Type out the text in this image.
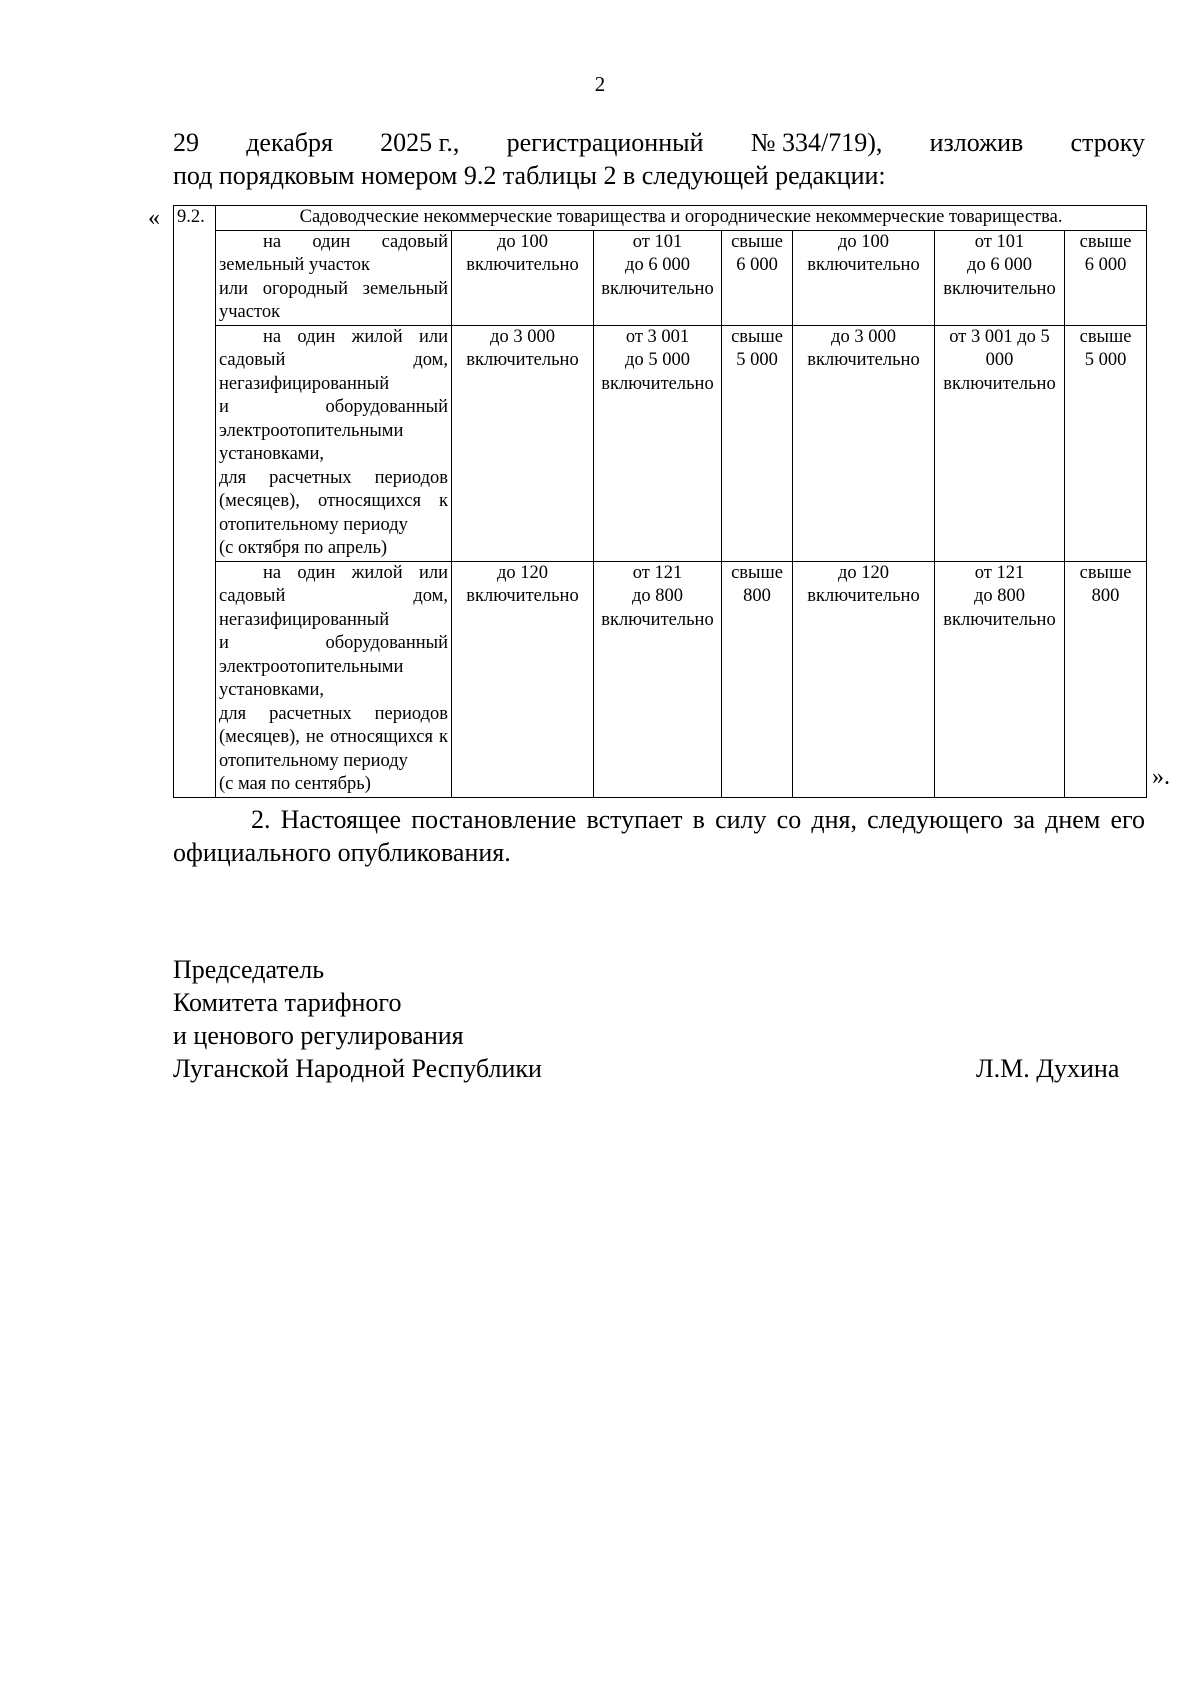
2
29 декабря 2025 г., регистрационный № 334/719), изложив строку
под порядковым номером 9.2 таблицы 2 в следующей редакции:
« 9.2.	Садоводческие некоммерческие товарищества и огороднические некоммерческие товарищества.						

	на один садовый земельный участок
или огородный земельный участок	до 100
включительно	от 101
до 6 000
включительно	свыше
6 000	до 100
включительно	от 101
до 6 000
включительно	свыше
6 000

	на один жилой или садовый дом, негазифицированный
и оборудованный электроотопительными установками,
для расчетных периодов (месяцев), относящихся к отопительному периоду
(с октября по апрель)	до 3 000
включительно	от 3 001
до 5 000
включительно	свыше
5 000	до 3 000
включительно	от 3 001 до 5
000
включительно	свыше
5 000

	на один жилой или садовый дом, негазифицированный
и оборудованный электроотопительными установками,
для расчетных периодов (месяцев), не относящихся к отопительному периоду
(с мая по сентябрь)	до 120
включительно	от 121
до 800
включительно	свыше
800	до 120
включительно	от 121
до 800
включительно	свыше
800
».
2. Настоящее постановление вступает в силу со дня, следующего за днем его официального опубликования.
Председатель
Комитета тарифного
и ценового регулирования
Луганской Народной Республики	Л.М. Духина
